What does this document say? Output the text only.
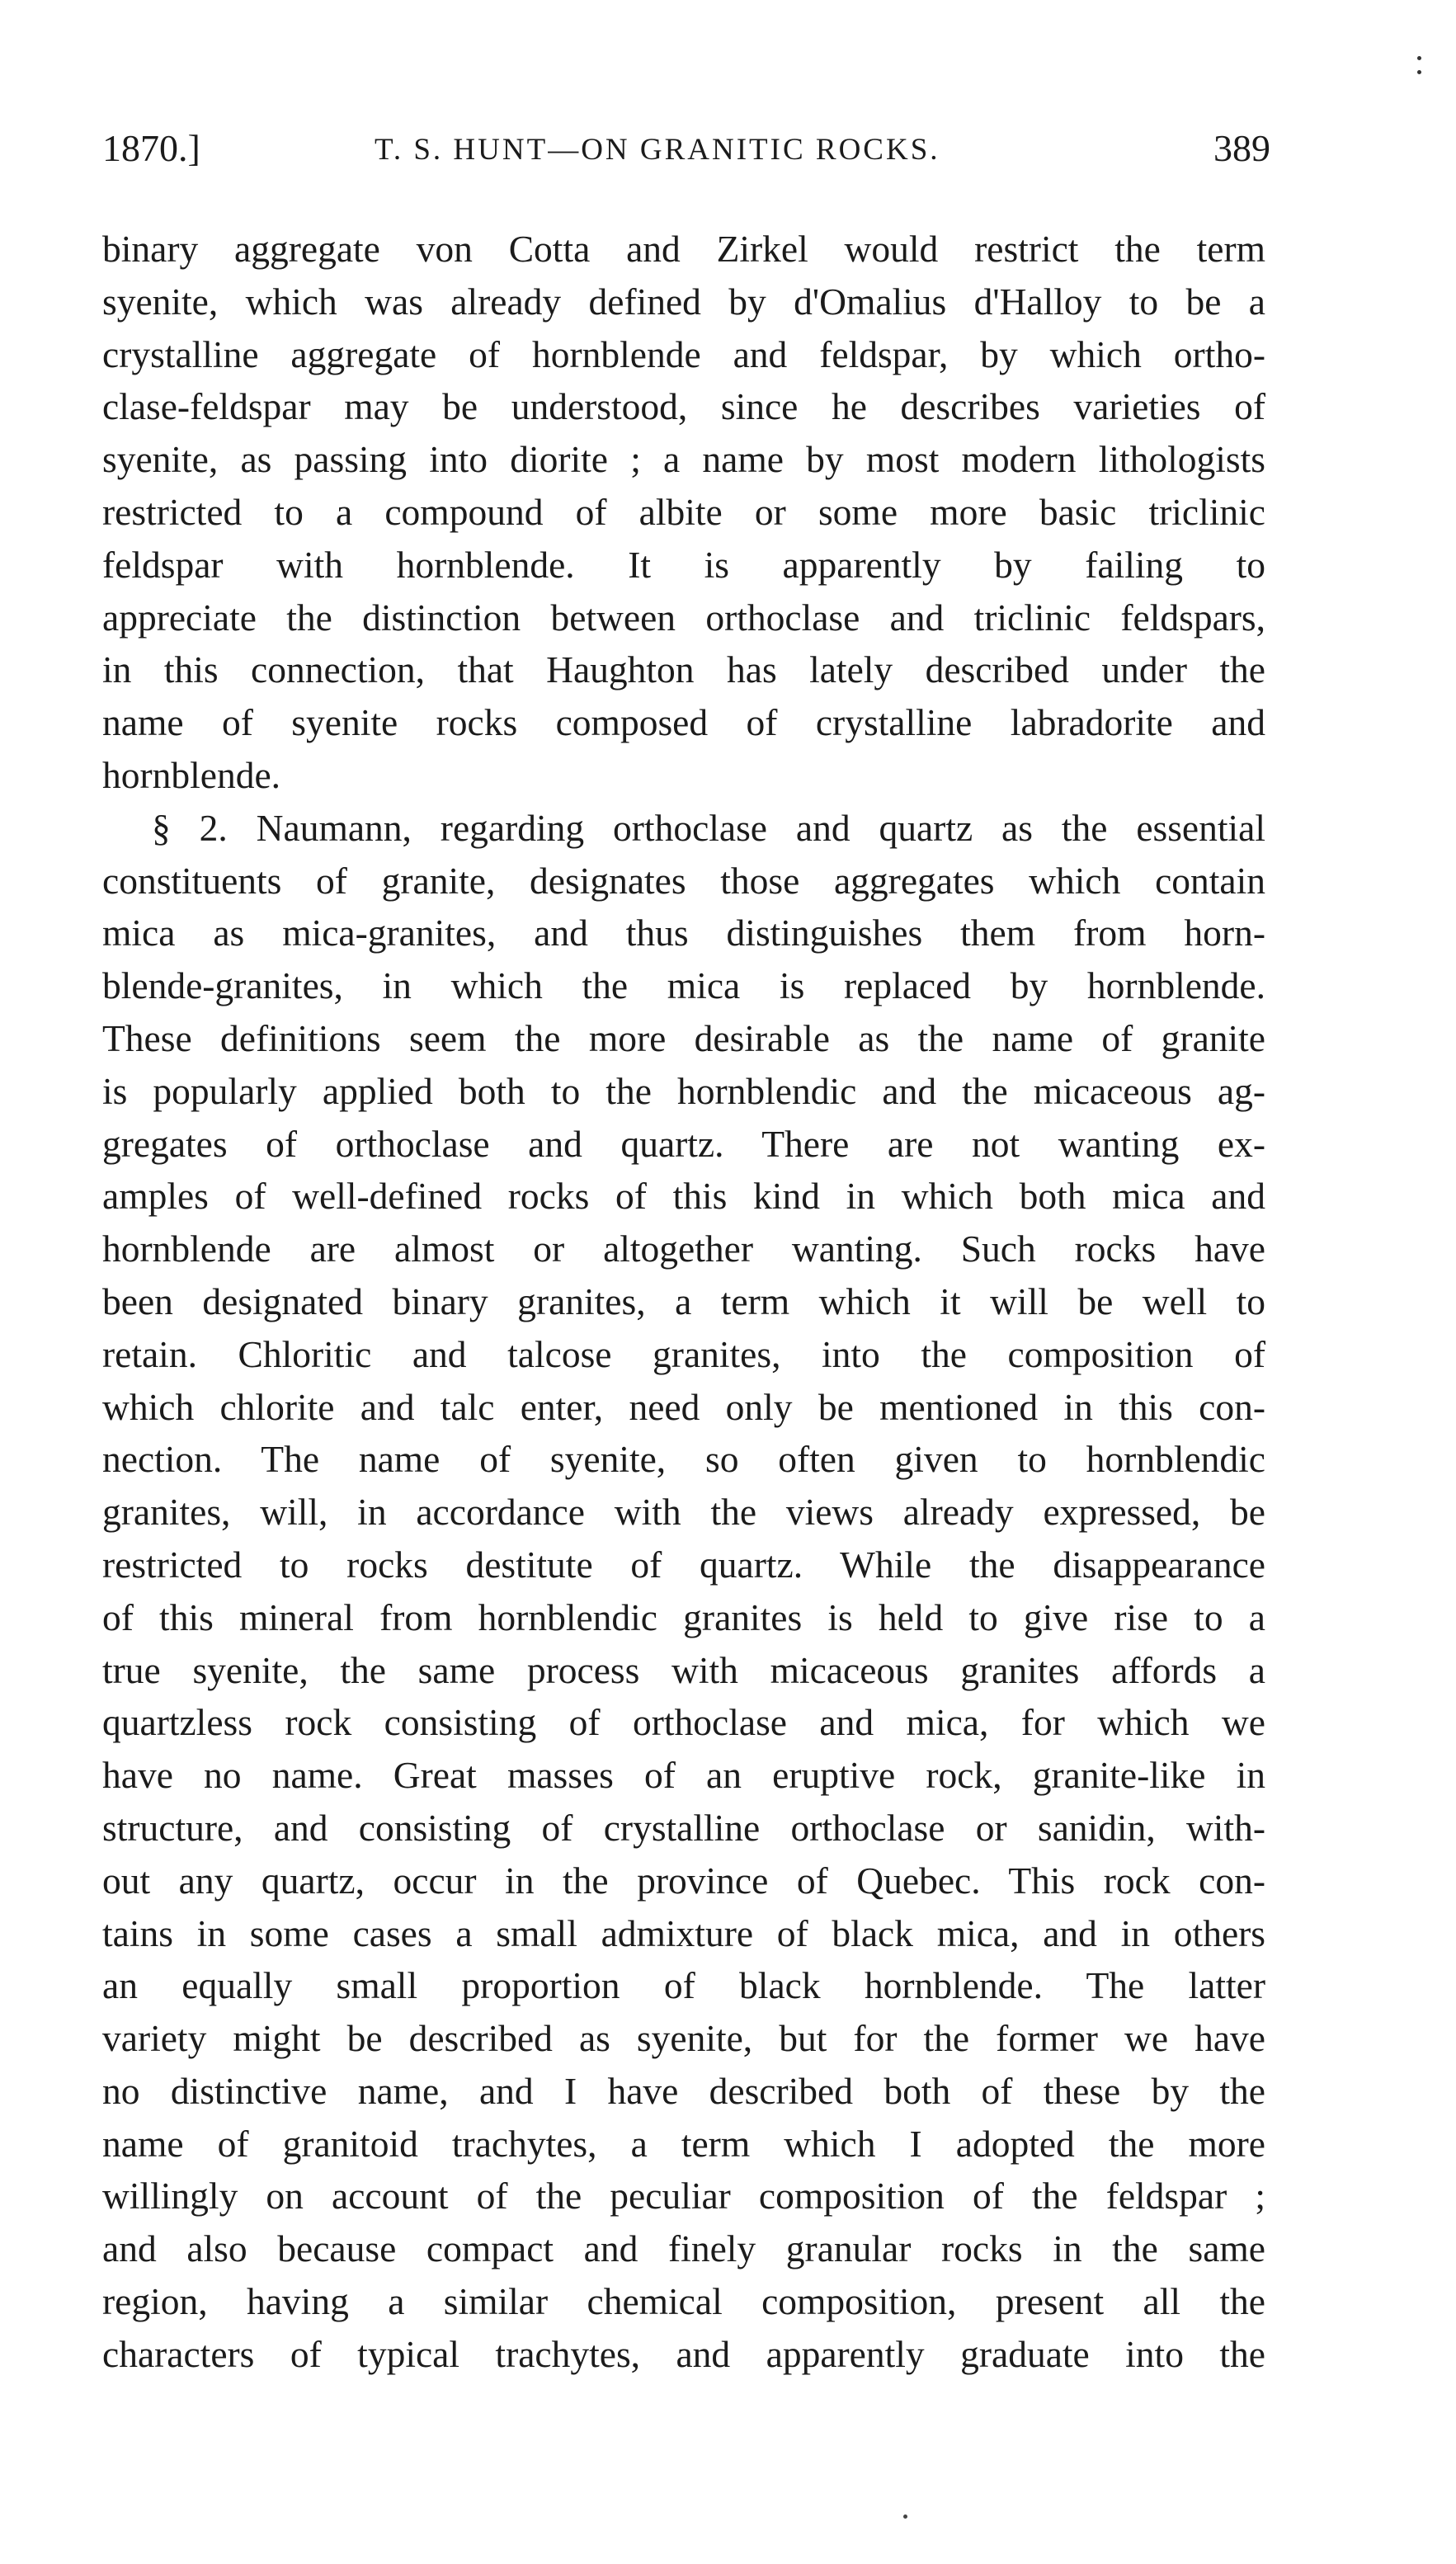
1870.]	T. S. HUNT—ON GRANITIC ROCKS.	389
binary aggregate von Cotta and Zirkel would restrict the term
syenite, which was already defined by d'Omalius d'Halloy to be a
crystalline aggregate of hornblende and feldspar, by which ortho-
clase-feldspar may be understood, since he describes varieties of
syenite, as passing into diorite ; a name by most modern lithologists
restricted to a compound of albite or some more basic triclinic
feldspar with hornblende. It is apparently by failing to
appreciate the distinction between orthoclase and triclinic feldspars,
in this connection, that Haughton has lately described under the
name of syenite rocks composed of crystalline labradorite and
hornblende.
§ 2. Naumann, regarding orthoclase and quartz as the essential
constituents of granite, designates those aggregates which contain
mica as mica-granites, and thus distinguishes them from horn-
blende-granites, in which the mica is replaced by hornblende.
These definitions seem the more desirable as the name of granite
is popularly applied both to the hornblendic and the micaceous ag-
gregates of orthoclase and quartz. There are not wanting ex-
amples of well-defined rocks of this kind in which both mica and
hornblende are almost or altogether wanting. Such rocks have
been designated binary granites, a term which it will be well to
retain. Chloritic and talcose granites, into the composition of
which chlorite and talc enter, need only be mentioned in this con-
nection. The name of syenite, so often given to hornblendic
granites, will, in accordance with the views already expressed, be
restricted to rocks destitute of quartz. While the disappearance
of this mineral from hornblendic granites is held to give rise to a
true syenite, the same process with micaceous granites affords a
quartzless rock consisting of orthoclase and mica, for which we
have no name. Great masses of an eruptive rock, granite-like in
structure, and consisting of crystalline orthoclase or sanidin, with-
out any quartz, occur in the province of Quebec. This rock con-
tains in some cases a small admixture of black mica, and in others
an equally small proportion of black hornblende. The latter
variety might be described as syenite, but for the former we have
no distinctive name, and I have described both of these by the
name of granitoid trachytes, a term which I adopted the more
willingly on account of the peculiar composition of the feldspar ;
and also because compact and finely granular rocks in the same
region, having a similar chemical composition, present all the
characters of typical trachytes, and apparently graduate into the
